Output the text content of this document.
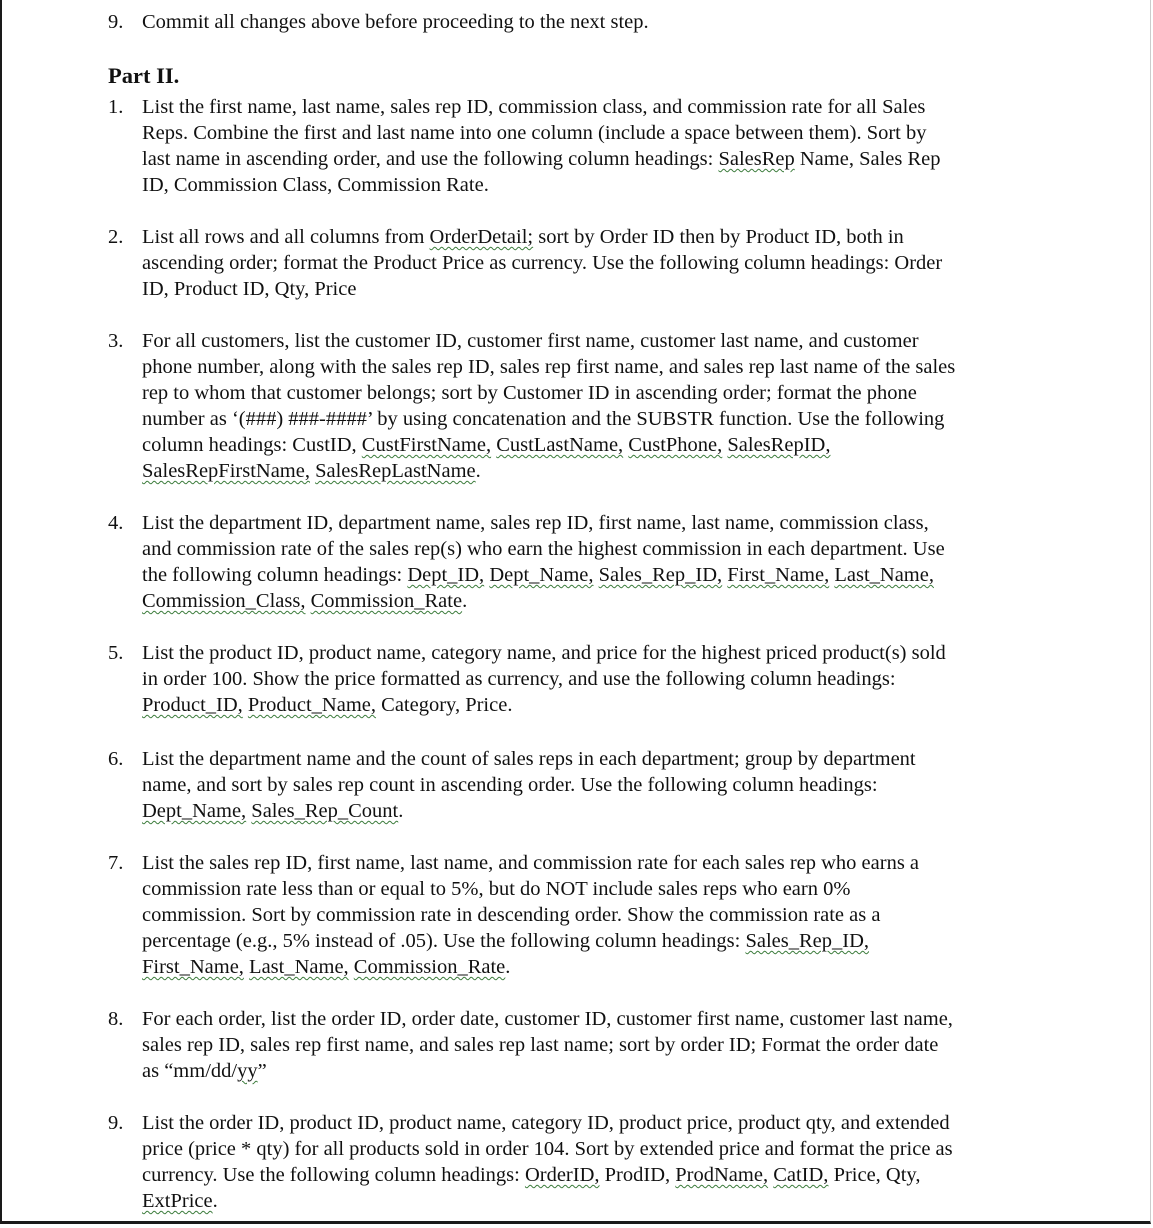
9. Commit all changes above before proceeding to the next step.
Part II.
1. List the first name, last name, sales rep ID, commission class, and commission rate for all Sales
Reps. Combine the first and last name into one column (include a space between them). Sort by
last name in ascending order, and use the following column headings: SalesRep Name, Sales Rep
ID, Commission Class, Commission Rate.
2. List all rows and all columns from OrderDetail; sort by Order ID then by Product ID, both in
ascending order; format the Product Price as currency. Use the following column headings: Order
ID, Product ID, Qty, Price
3. For all customers, list the customer ID, customer first name, customer last name, and customer
phone number, along with the sales rep ID, sales rep first name, and sales rep last name of the sales
rep to whom that customer belongs; sort by Customer ID in ascending order; format the phone
number as ‘(###) ###-####’ by using concatenation and the SUBSTR function. Use the following
column headings: CustID, CustFirstName, CustLastName, CustPhone, SalesRepID,
SalesRepFirstName, SalesRepLastName.
4. List the department ID, department name, sales rep ID, first name, last name, commission class,
and commission rate of the sales rep(s) who earn the highest commission in each department. Use
the following column headings: Dept_ID, Dept_Name, Sales_Rep_ID, First_Name, Last_Name,
Commission_Class, Commission_Rate.
5. List the product ID, product name, category name, and price for the highest priced product(s) sold
in order 100. Show the price formatted as currency, and use the following column headings:
Product_ID, Product_Name, Category, Price.
6. List the department name and the count of sales reps in each department; group by department
name, and sort by sales rep count in ascending order. Use the following column headings:
Dept_Name, Sales_Rep_Count.
7. List the sales rep ID, first name, last name, and commission rate for each sales rep who earns a
commission rate less than or equal to 5%, but do NOT include sales reps who earn 0%
commission. Sort by commission rate in descending order. Show the commission rate as a
percentage (e.g., 5% instead of .05). Use the following column headings: Sales_Rep_ID,
First_Name, Last_Name, Commission_Rate.
8. For each order, list the order ID, order date, customer ID, customer first name, customer last name,
sales rep ID, sales rep first name, and sales rep last name; sort by order ID; Format the order date
as “mm/dd/yy”
9. List the order ID, product ID, product name, category ID, product price, product qty, and extended
price (price * qty) for all products sold in order 104. Sort by extended price and format the price as
currency. Use the following column headings: OrderID, ProdID, ProdName, CatID, Price, Qty,
ExtPrice.
